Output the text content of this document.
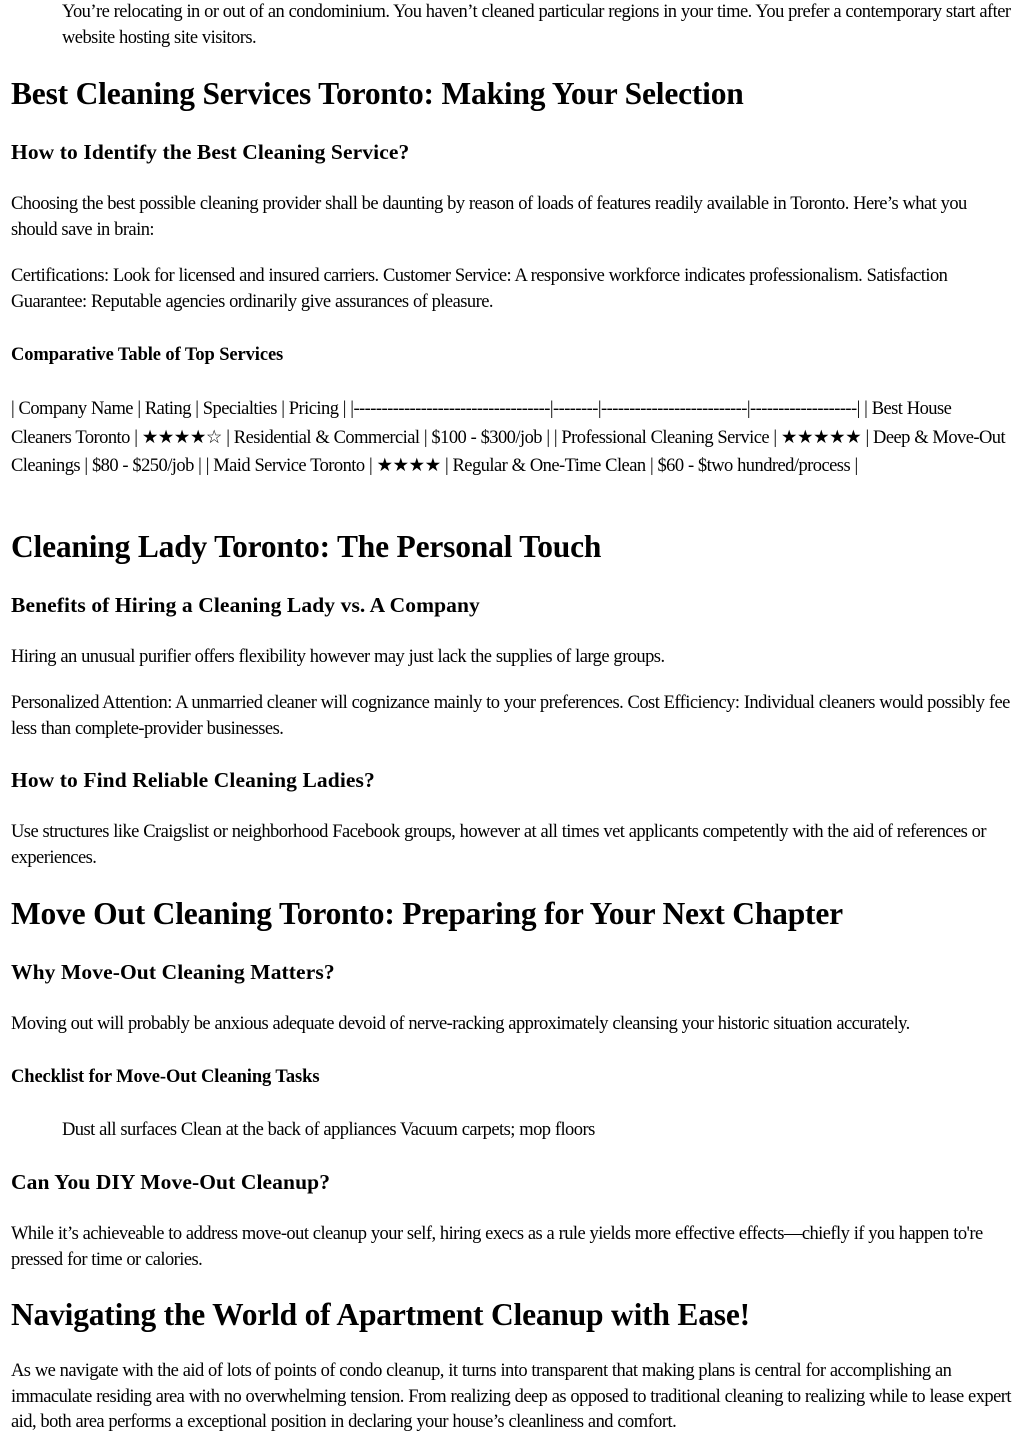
You’re relocating in or out of an condominium. You haven’t cleaned particular regions in your time. You prefer a contemporary start after website hosting site visitors.

Best Cleaning Services Toronto: Making Your Selection
How to Identify the Best Cleaning Service?

Choosing the best possible cleaning provider shall be daunting by reason of loads of features readily available in Toronto. Here’s what you should save in brain:

Certifications: Look for licensed and insured carriers. Customer Service: A responsive workforce indicates professionalism. Satisfaction Guarantee: Reputable agencies ordinarily give assurances of pleasure.

Comparative Table of Top Services

| Company Name | Rating | Specialties | Pricing | |-----------------------------------|--------|--------------------------|-------------------| | Best House Cleaners Toronto | ★★★★☆ | Residential & Commercial | $100 - $300/job | | Professional Cleaning Service | ★★★★★ | Deep & Move-Out Cleanings | $80 - $250/job | | Maid Service Toronto | ★★★★ | Regular & One-Time Clean | $60 - $two hundred/process |

Cleaning Lady Toronto: The Personal Touch
Benefits of Hiring a Cleaning Lady vs. A Company

Hiring an unusual purifier offers flexibility however may just lack the supplies of large groups.

Personalized Attention: A unmarried cleaner will cognizance mainly to your preferences. Cost Efficiency: Individual cleaners would possibly fee less than complete-provider businesses.

How to Find Reliable Cleaning Ladies?

Use structures like Craigslist or neighborhood Facebook groups, however at all times vet applicants competently with the aid of references or experiences.

Move Out Cleaning Toronto: Preparing for Your Next Chapter
Why Move-Out Cleaning Matters?

Moving out will probably be anxious adequate devoid of nerve-racking approximately cleansing your historic situation accurately.

Checklist for Move-Out Cleaning Tasks

Dust all surfaces Clean at the back of appliances Vacuum carpets; mop floors

Can You DIY Move-Out Cleanup?

While it’s achieveable to address move-out cleanup your self, hiring execs as a rule yields more effective effects—chiefly if you happen to're pressed for time or calories.

Navigating the World of Apartment Cleanup with Ease!

As we navigate with the aid of lots of points of condo cleanup, it turns into transparent that making plans is central for accomplishing an immaculate residing area with no overwhelming tension. From realizing deep as opposed to traditional cleaning to realizing while to lease expert aid, both area performs a exceptional position in declaring your house’s cleanliness and comfort.
